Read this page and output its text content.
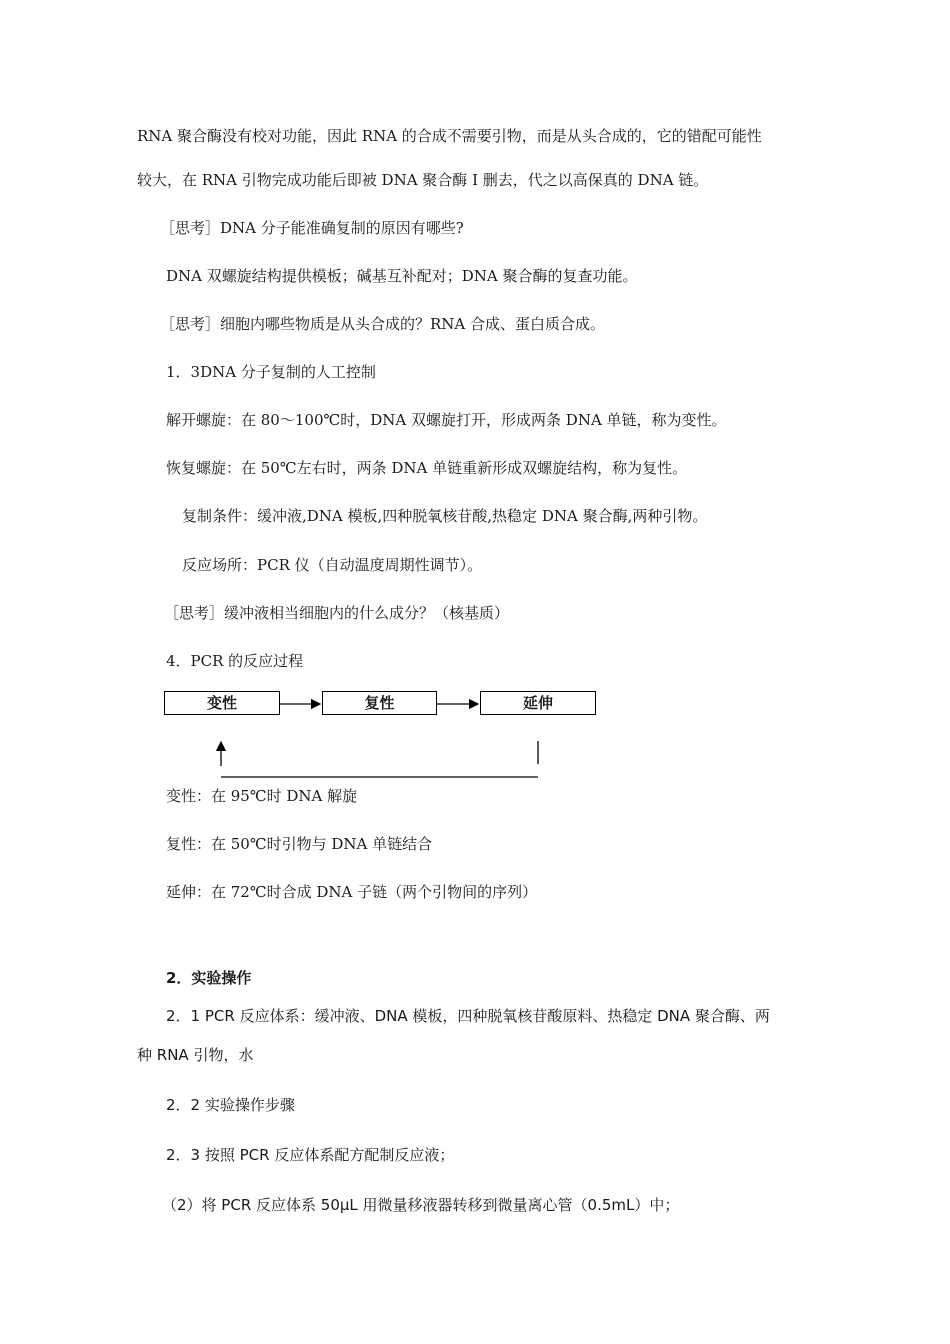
RNA 聚合酶没有校对功能，因此 RNA 的合成不需要引物，而是从头合成的，它的错配可能性
较大，在 RNA 引物完成功能后即被 DNA 聚合酶 I 删去，代之以高保真的 DNA 链。
［思考］DNA 分子能准确复制的原因有哪些?
DNA 双螺旋结构提供模板；碱基互补配对；DNA 聚合酶的复查功能。
［思考］细胞内哪些物质是从头合成的？RNA 合成、蛋白质合成。
1．3DNA 分子复制的人工控制
解开螺旋：在 80～100℃时，DNA 双螺旋打开，形成两条 DNA 单链，称为变性。
恢复螺旋：在 50℃左右时，两条 DNA 单链重新形成双螺旋结构，称为复性。
复制条件：缓冲液,DNA 模板,四种脱氧核苷酸,热稳定 DNA 聚合酶,两种引物。
反应场所：PCR 仪（自动温度周期性调节）。
［思考］缓冲液相当细胞内的什么成分？（核基质）
4．PCR 的反应过程
变性	复性	延伸
变性：在 95℃时 DNA 解旋
复性：在 50℃时引物与 DNA 单链结合
延伸：在 72℃时合成 DNA 子链（两个引物间的序列）
2．实验操作
2．1 PCR 反应体系：缓冲液、DNA 模板，四种脱氧核苷酸原料、热稳定 DNA 聚合酶、两
种 RNA 引物，水
2．2 实验操作步骤
2．3 按照 PCR 反应体系配方配制反应液；
（2）将 PCR 反应体系 50μL 用微量移液器转移到微量离心管（0.5mL）中；
